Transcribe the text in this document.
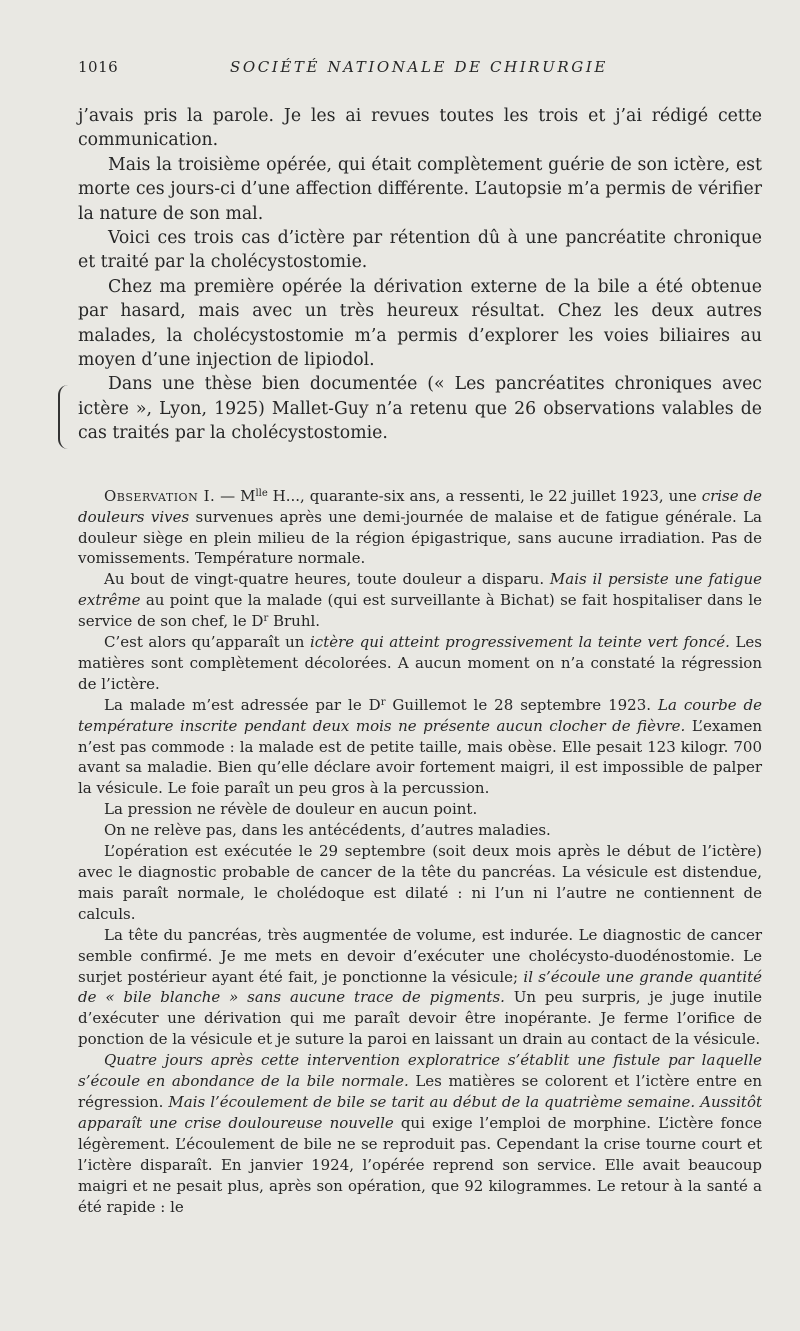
1016	SOCIÉTÉ NATIONALE DE CHIRURGIE

j’avais pris la parole. Je les ai revues toutes les trois et j’ai rédigé cette communication.

Mais la troisième opérée, qui était complètement guérie de son ictère, est morte ces jours-ci d’une affection différente. L’autopsie m’a permis de vérifier la nature de son mal.

Voici ces trois cas d’ictère par rétention dû à une pancréatite chronique et traité par la cholécystostomie.

Chez ma première opérée la dérivation externe de la bile a été obtenue par hasard, mais avec un très heureux résultat. Chez les deux autres malades, la cholécystostomie m’a permis d’explorer les voies biliaires au moyen d’une injection de lipiodol.

Dans une thèse bien documentée (« Les pancréatites chroniques avec ictère », Lyon, 1925) Mallet-Guy n’a retenu que 26 observations valables de cas traités par la cholécystostomie.

Observation I. — $M^{lle}$ H..., quarante-six ans, a ressenti, le 22 juillet 1923, une crise de douleurs vives survenues après une demi-journée de malaise et de fatigue générale. La douleur siège en plein milieu de la région épigastrique, sans aucune irradiation. Pas de vomissements. Température normale.

Au bout de vingt-quatre heures, toute douleur a disparu. Mais il persiste une fatigue extrême au point que la malade (qui est surveillante à Bichat) se fait hospitaliser dans le service de son chef, le $D^r$ Bruhl.

C’est alors qu’apparaît un ictère qui atteint progressivement la teinte vert foncé. Les matières sont complètement décolorées. A aucun moment on n’a constaté la régression de l’ictère.

La malade m’est adressée par le $D^r$ Guillemot le 28 septembre 1923. La courbe de température inscrite pendant deux mois ne présente aucun clocher de fièvre. L’examen n’est pas commode : la malade est de petite taille, mais obèse. Elle pesait 123 kilogr. 700 avant sa maladie. Bien qu’elle déclare avoir fortement maigri, il est impossible de palper la vésicule. Le foie paraît un peu gros à la percussion.

La pression ne révèle de douleur en aucun point.

On ne relève pas, dans les antécédents, d’autres maladies.

L’opération est exécutée le 29 septembre (soit deux mois après le début de l’ictère) avec le diagnostic probable de cancer de la tête du pancréas. La vésicule est distendue, mais paraît normale, le cholédoque est dilaté : ni l’un ni l’autre ne contiennent de calculs.

La tête du pancréas, très augmentée de volume, est indurée. Le diagnostic de cancer semble confirmé. Je me mets en devoir d’exécuter une cholécysto-duodénostomie. Le surjet postérieur ayant été fait, je ponctionne la vésicule; il s’écoule une grande quantité de « bile blanche » sans aucune trace de pigments. Un peu surpris, je juge inutile d’exécuter une dérivation qui me paraît devoir être inopérante. Je ferme l’orifice de ponction de la vésicule et je suture la paroi en laissant un drain au contact de la vésicule.

Quatre jours après cette intervention exploratrice s’établit une fistule par laquelle s’écoule en abondance de la bile normale. Les matières se colorent et l’ictère entre en régression. Mais l’écoulement de bile se tarit au début de la quatrième semaine. Aussitôt apparaît une crise douloureuse nouvelle qui exige l’emploi de morphine. L’ictère fonce légèrement. L’écoulement de bile ne se reproduit pas. Cependant la crise tourne court et l’ictère disparaît. En janvier 1924, l’opérée reprend son service. Elle avait beaucoup maigri et ne pesait plus, après son opération, que 92 kilogrammes. Le retour à la santé a été rapide : le
